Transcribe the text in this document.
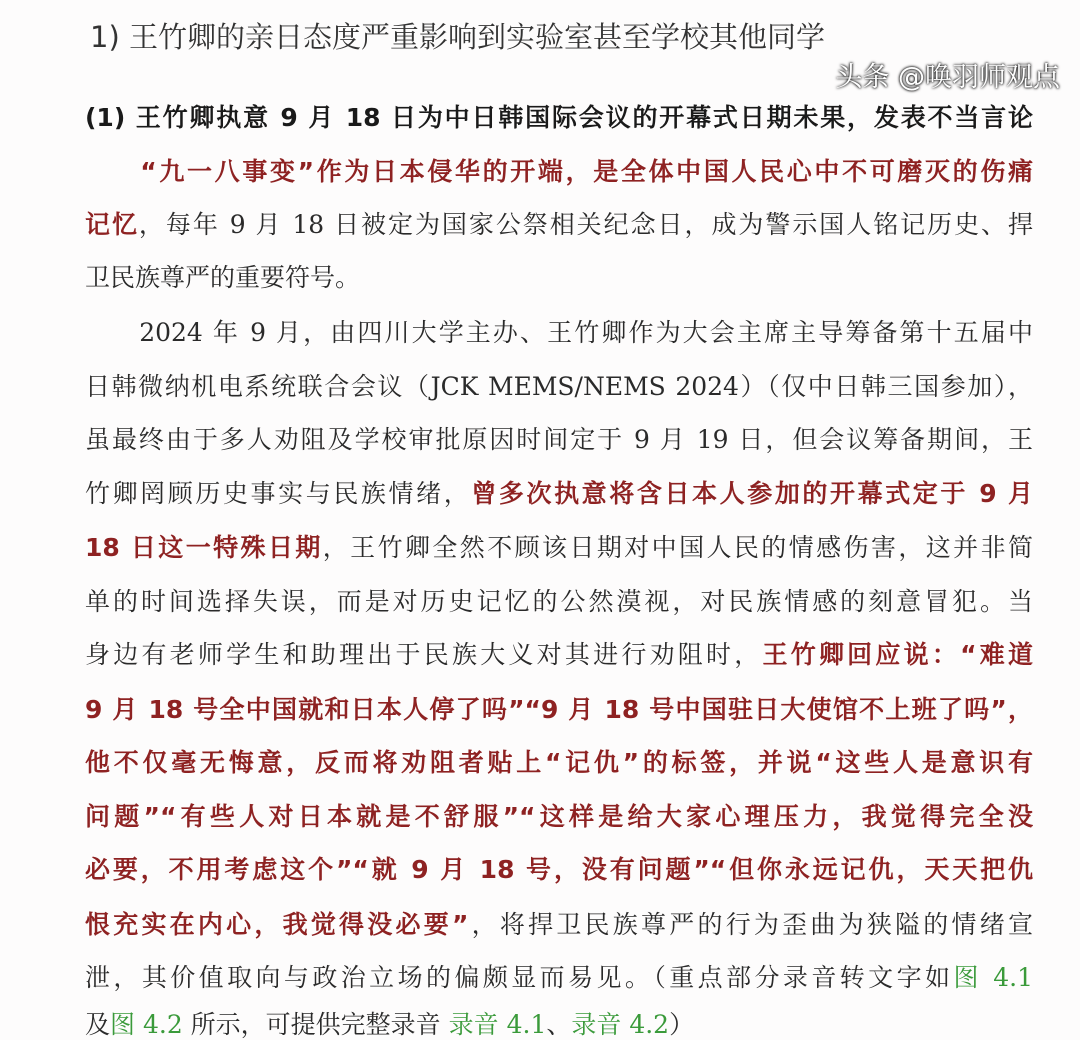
1) 王竹卿的亲日态度严重影响到实验室甚至学校其他同学
(1) 王竹卿执意 9 月 18 日为中日韩国际会议的开幕式日期未果，发表不当言论
　　“九一八事变”作为日本侵华的开端，是全体中国人民心中不可磨灭的伤痛
记忆，每年 9 月 18 日被定为国家公祭相关纪念日，成为警示国人铭记历史、捍
卫民族尊严的重要符号。
　　2024 年 9 月，由四川大学主办、王竹卿作为大会主席主导筹备第十五届中
日韩微纳机电系统联合会议（JCK MEMS/NEMS 2024）（仅中日韩三国参加），
虽最终由于多人劝阻及学校审批原因时间定于 9 月 19 日，但会议筹备期间，王
竹卿罔顾历史事实与民族情绪，曾多次执意将含日本人参加的开幕式定于 9 月
18 日这一特殊日期，王竹卿全然不顾该日期对中国人民的情感伤害，这并非简
单的时间选择失误，而是对历史记忆的公然漠视，对民族情感的刻意冒犯。当
身边有老师学生和助理出于民族大义对其进行劝阻时，王竹卿回应说：“难道
9 月 18 号全中国就和日本人停了吗”“9 月 18 号中国驻日大使馆不上班了吗”，
他不仅毫无悔意，反而将劝阻者贴上“记仇”的标签，并说“这些人是意识有
问题”“有些人对日本就是不舒服”“这样是给大家心理压力，我觉得完全没
必要，不用考虑这个”“就 9 月 18 号，没有问题”“但你永远记仇，天天把仇
恨充实在内心，我觉得没必要”，将捍卫民族尊严的行为歪曲为狭隘的情绪宣
泄，其价值取向与政治立场的偏颇显而易见。（重点部分录音转文字如图 4.1
及图 4.2 所示，可提供完整录音 录音 4.1、录音 4.2）
头条 @唤羽师观点
